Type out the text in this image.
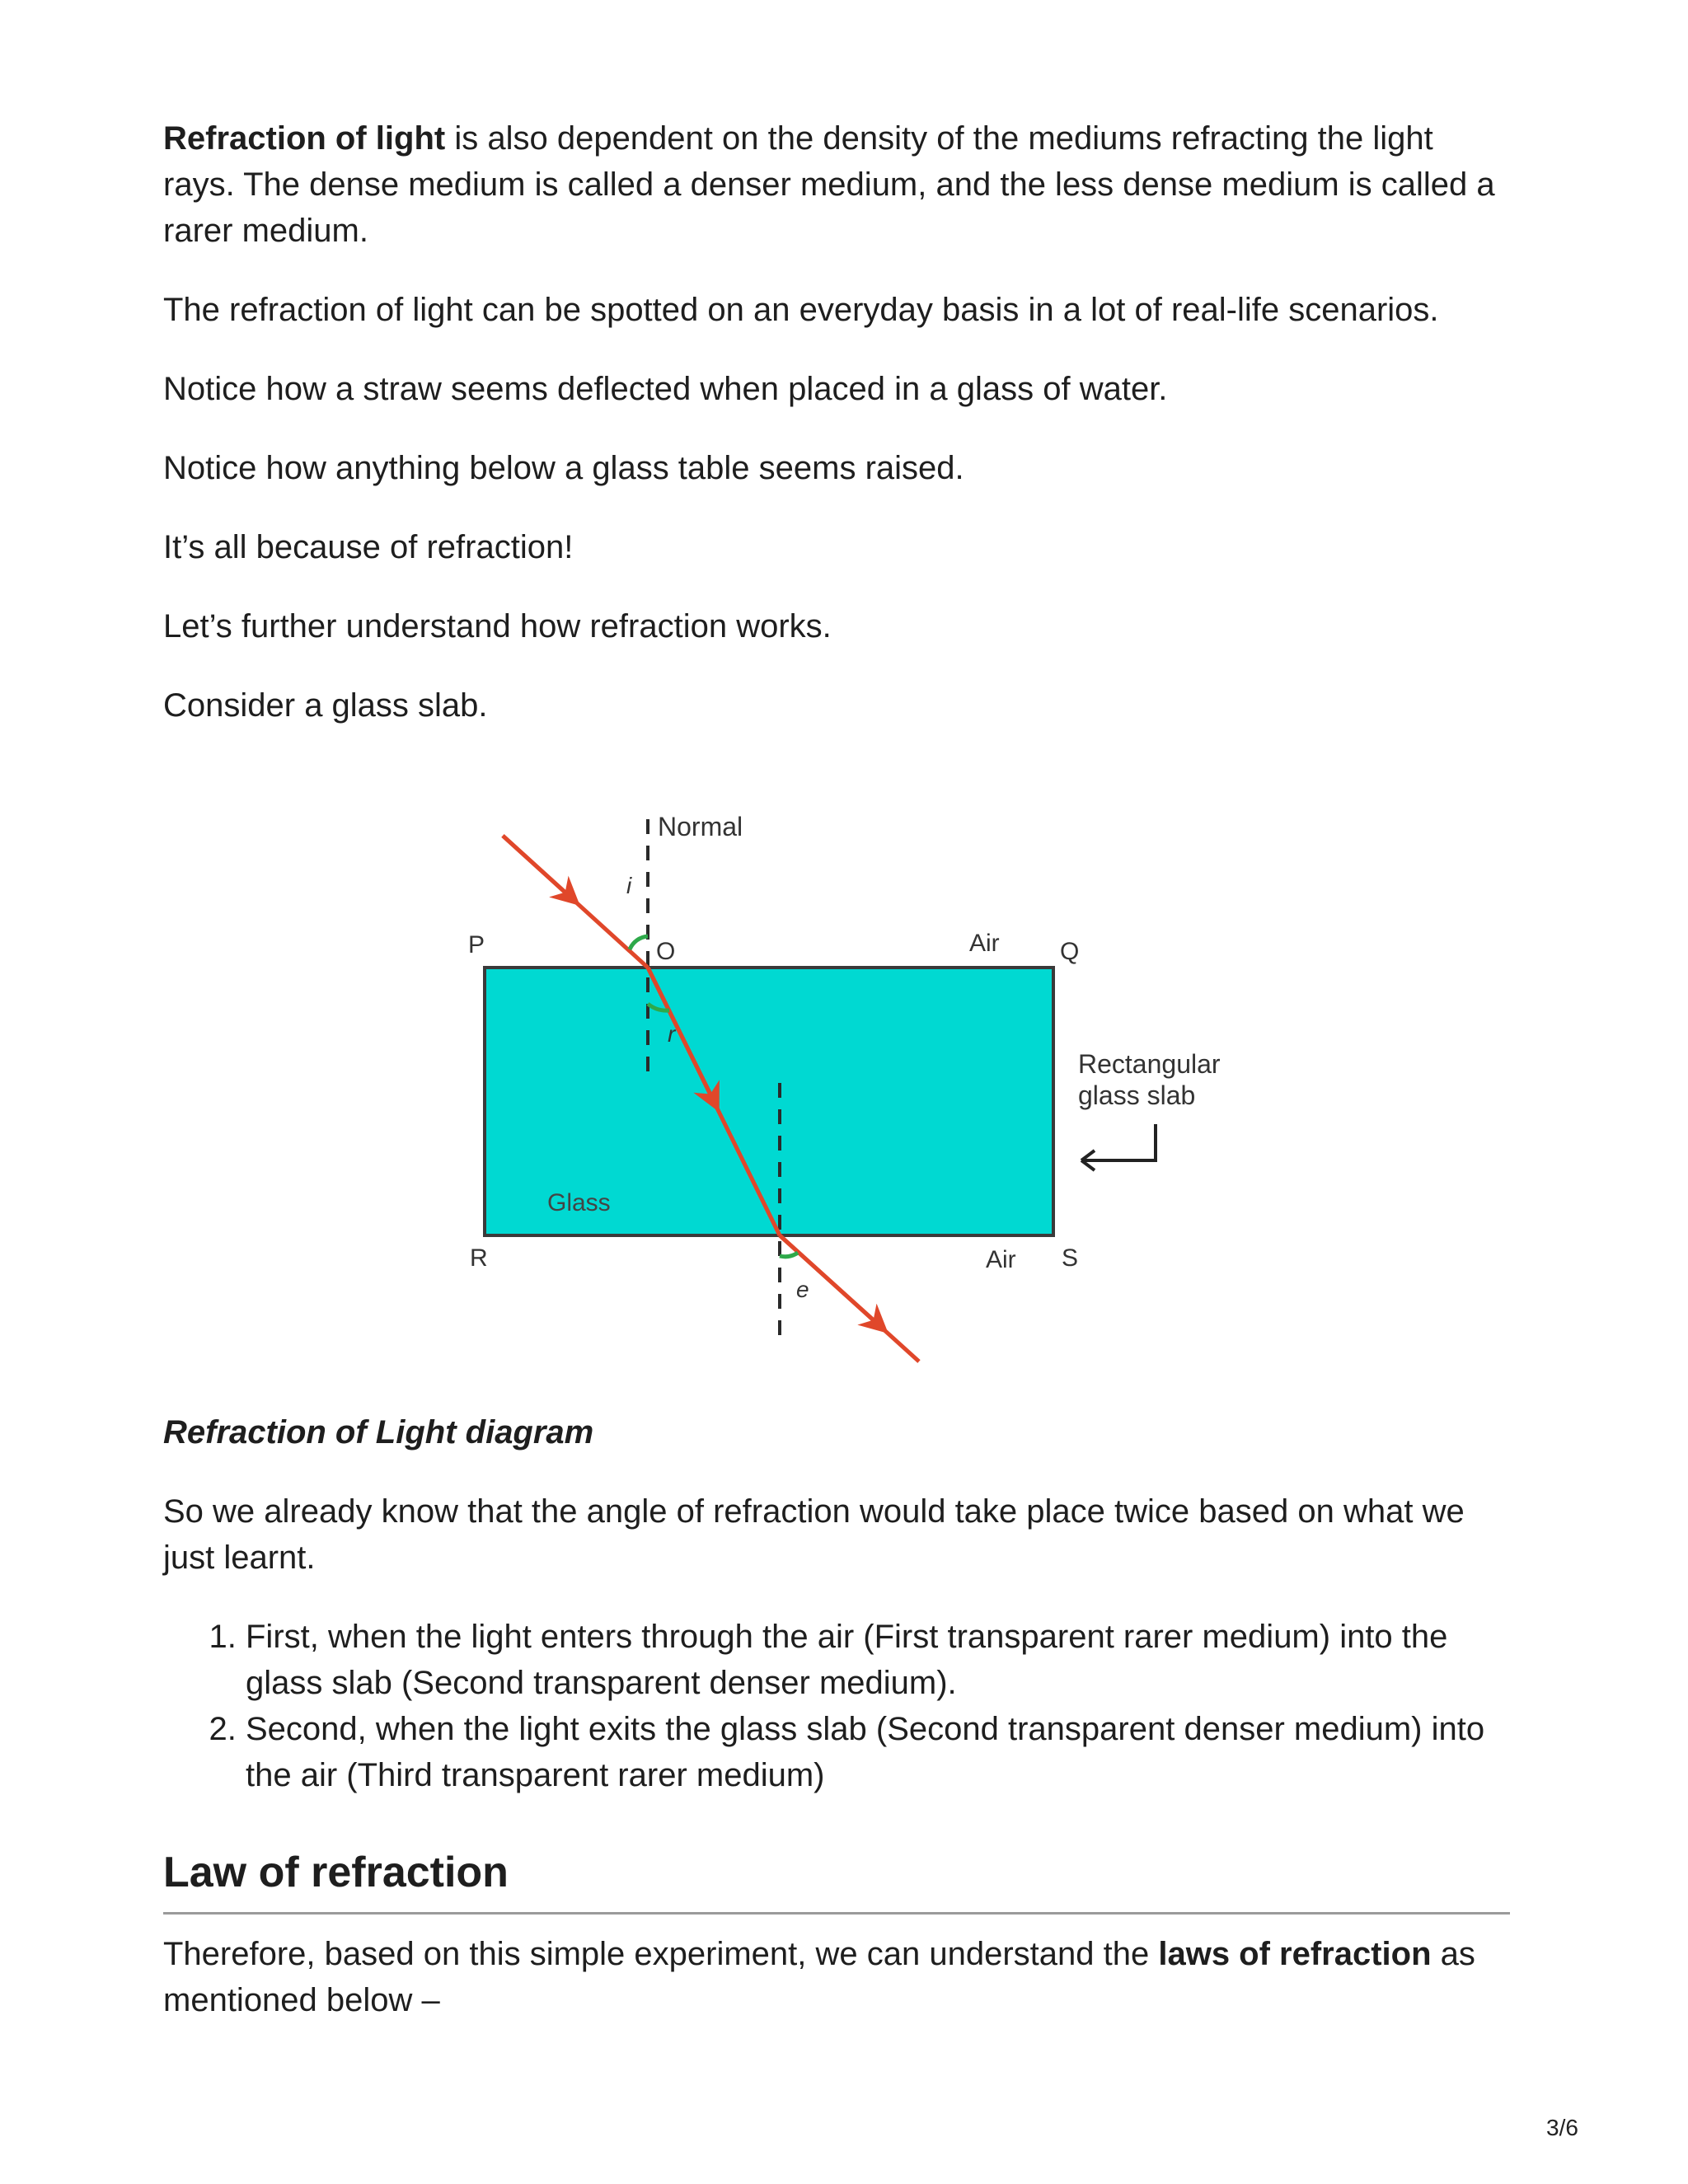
Refraction of light is also dependent on the density of the mediums refracting the light rays. The dense medium is called a denser medium, and the less dense medium is called a rarer medium.

The refraction of light can be spotted on an everyday basis in a lot of real-life scenarios.

Notice how a straw seems deflected when placed in a glass of water.

Notice how anything below a glass table seems raised.

It’s all because of refraction!

Let’s further understand how refraction works.

Consider a glass slab.

Normal
i
O
P	Q
R	S
Air
Air
Glass
r
e
Rectangular
glass slab

Refraction of Light diagram

So we already know that the angle of refraction would take place twice based on what we just learnt.

1. First, when the light enters through the air (First transparent rarer medium) into the glass slab (Second transparent denser medium).
2. Second, when the light exits the glass slab (Second transparent denser medium) into the air (Third transparent rarer medium)
Law of refraction

Therefore, based on this simple experiment, we can understand the laws of refraction as mentioned below –

3/6
